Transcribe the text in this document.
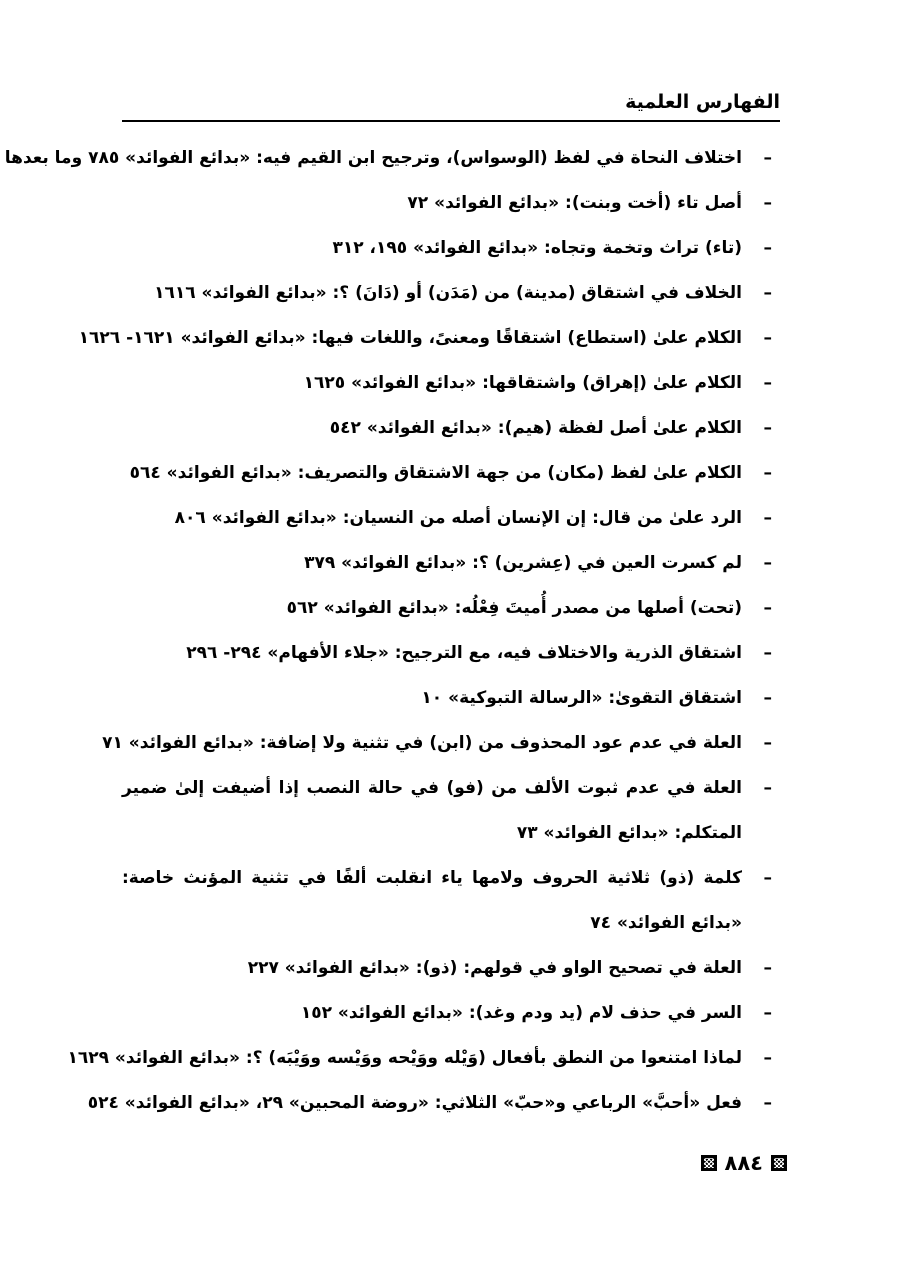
الفهارس العلمية
–
اختلاف النحاة في لفظ (الوسواس)، وترجيح ابن القيم فيه: «بدائع الفوائد» ٧٨٥ وما بعدها
–
أصل تاء (أخت وبنت): «بدائع الفوائد» ٧٢
–
(تاء) تراث وتخمة وتجاه: «بدائع الفوائد» ١٩٥، ٣١٢
–
الخلاف في اشتقاق (مدينة) من (مَدَن) أو (دَانَ) ؟: «بدائع الفوائد» ١٦١٦
–
الكلام علىٰ (استطاع) اشتقاقًا ومعنىً، واللغات فيها: «بدائع الفوائد» ١٦٢١- ١٦٢٦
–
الكلام علىٰ (إهراق) واشتقاقها: «بدائع الفوائد» ١٦٢٥
–
الكلام علىٰ أصل لفظة (هيم): «بدائع الفوائد» ٥٤٢
–
الكلام علىٰ لفظ (مكان) من جهة الاشتقاق والتصريف: «بدائع الفوائد» ٥٦٤
–
الرد علىٰ من قال: إن الإنسان أصله من النسيان: «بدائع الفوائد» ٨٠٦
–
لم كسرت العين في (عِشرين) ؟: «بدائع الفوائد» ٣٧٩
–
(تحت) أصلها من مصدر أُميتَ فِعْلُه: «بدائع الفوائد» ٥٦٢
–
اشتقاق الذرية والاختلاف فيه، مع الترجيح: «جلاء الأفهام» ٢٩٤- ٢٩٦
–
اشتقاق التقوىٰ: «الرسالة التبوكية» ١٠
–
العلة في عدم عود المحذوف من (ابن) في تثنية ولا إضافة: «بدائع الفوائد» ٧١
–
العلة في عدم ثبوت الألف من (فو) في حالة النصب إذا أضيفت إلىٰ ضمير المتكلم: «بدائع الفوائد» ٧٣
–
كلمة (ذو) ثلاثية الحروف ولامها ياء انقلبت ألفًا في تثنية المؤنث خاصة: «بدائع الفوائد» ٧٤
–
العلة في تصحيح الواو في قولهم: (ذو): «بدائع الفوائد» ٢٢٧
–
السر في حذف لام (يد ودم وغد): «بدائع الفوائد» ١٥٢
–
لماذا امتنعوا من النطق بأفعال (وَيْله ووَيْحه ووَيْسه ووَيْبَه) ؟: «بدائع الفوائد» ١٦٢٩
–
فعل «أحبَّ» الرباعي و«حبّ» الثلاثي: «روضة المحبين» ٢٩، «بدائع الفوائد» ٥٢٤
٨٨٤
